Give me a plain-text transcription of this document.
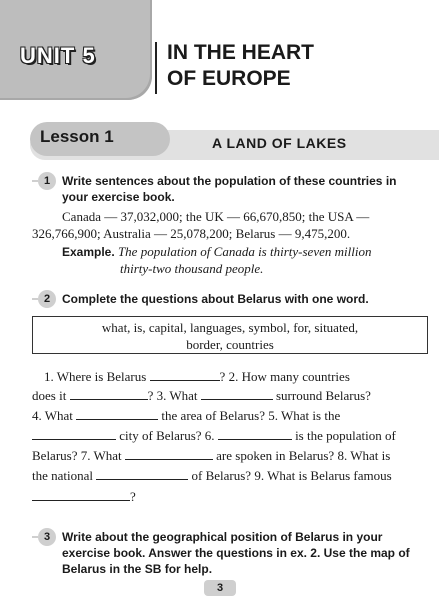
UNIT 5	IN THE HEART
OF EUROPE
Lesson 1	A LAND OF LAKES
1 Write sentences about the population of these countries in
your exercise book.
Canada — 37,032,000; the UK — 66,670,850; the USA —
326,766,900; Australia — 25,078,200; Belarus — 9,475,200.
Example. The population of Canada is thirty-seven million
thirty-two thousand people.
2 Complete the questions about Belarus with one word.
what, is, capital, languages, symbol, for, situated,
border, countries
1. Where is Belarus	? 2. How many countries
does it	? 3. What	surround Belarus?
4. What	the area of Belarus? 5. What is the
city of Belarus? 6.	is the population of
Belarus? 7. What	are spoken in Belarus? 8. What is
the national	of Belarus? 9. What is Belarus famous
?
3 Write about the geographical position of Belarus in your
exercise book. Answer the questions in ex. 2. Use the map of
Belarus in the SB for help.
3
